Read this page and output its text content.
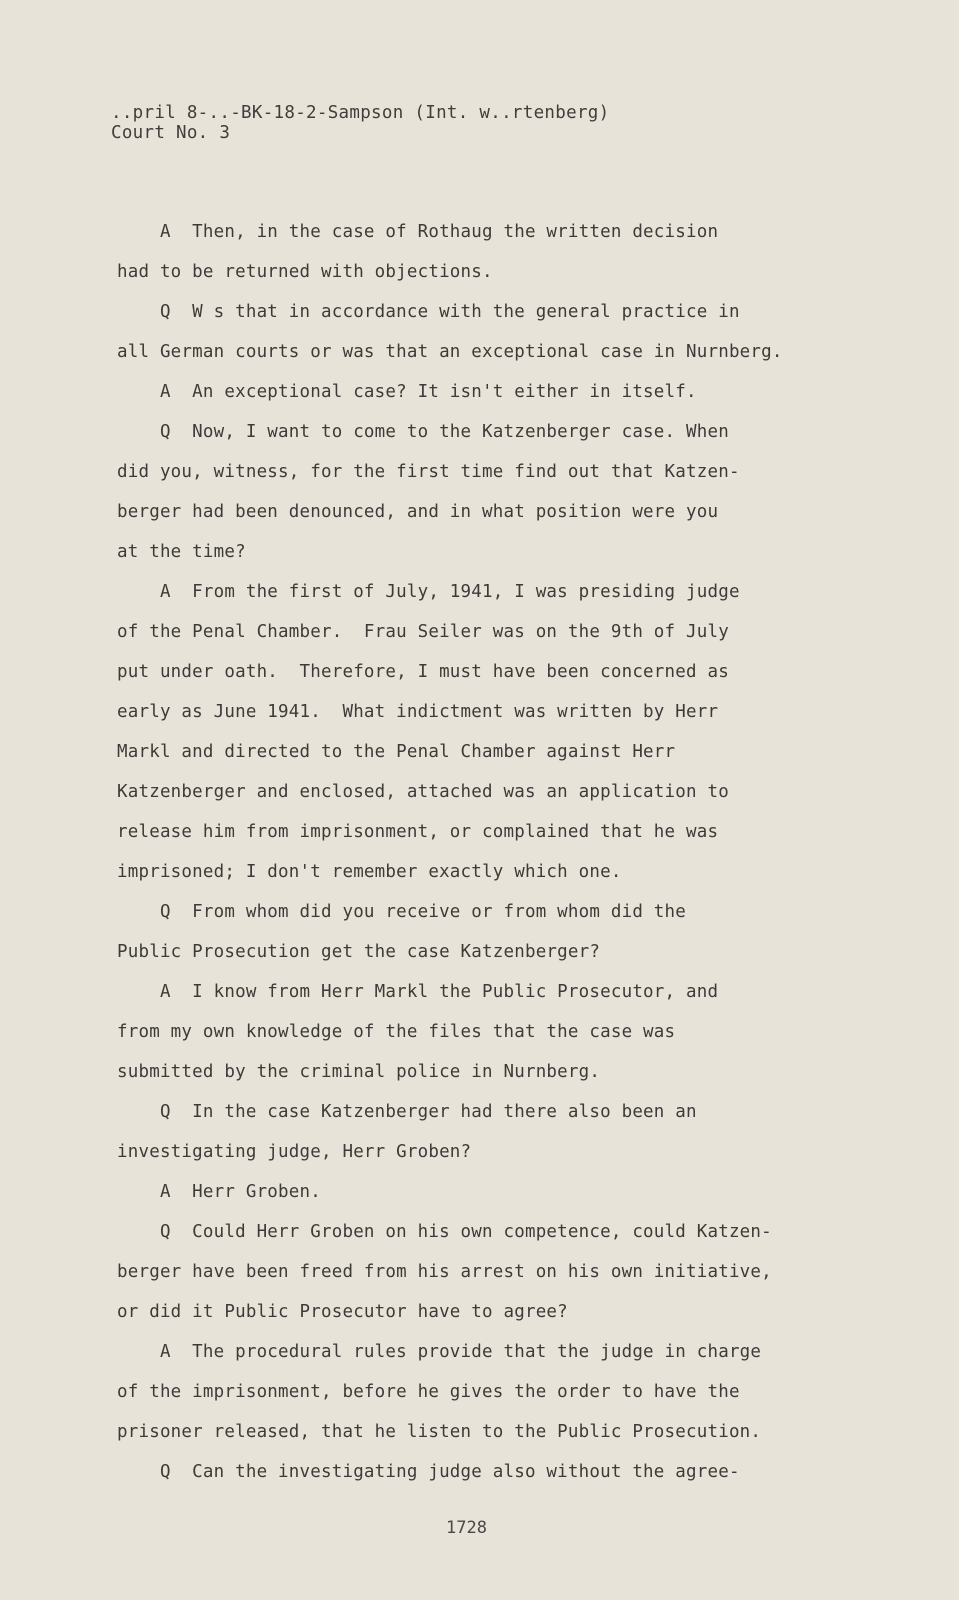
..pril 8-..-BK-18-2-Sampson (Int. w..rtenberg)
Court No. 3
A  Then, in the case of Rothaug the written decision
had to be returned with objections.
Q  W s that in accordance with the general practice in
all German courts or was that an exceptional case in Nurnberg.
A  An exceptional case? It isn't either in itself.
Q  Now, I want to come to the Katzenberger case. When
did you, witness, for the first time find out that Katzen-
berger had been denounced, and in what position were you
at the time?
A  From the first of July, 1941, I was presiding judge
of the Penal Chamber.  Frau Seiler was on the 9th of July
put under oath.  Therefore, I must have been concerned as
early as June 1941.  What indictment was written by Herr
Markl and directed to the Penal Chamber against Herr
Katzenberger and enclosed, attached was an application to
release him from imprisonment, or complained that he was
imprisoned; I don't remember exactly which one.
Q  From whom did you receive or from whom did the
Public Prosecution get the case Katzenberger?
A  I know from Herr Markl the Public Prosecutor, and
from my own knowledge of the files that the case was
submitted by the criminal police in Nurnberg.
Q  In the case Katzenberger had there also been an
investigating judge, Herr Groben?
A  Herr Groben.
Q  Could Herr Groben on his own competence, could Katzen-
berger have been freed from his arrest on his own initiative,
or did it Public Prosecutor have to agree?
A  The procedural rules provide that the judge in charge
of the imprisonment, before he gives the order to have the
prisoner released, that he listen to the Public Prosecution.
Q  Can the investigating judge also without the agree-
1728
